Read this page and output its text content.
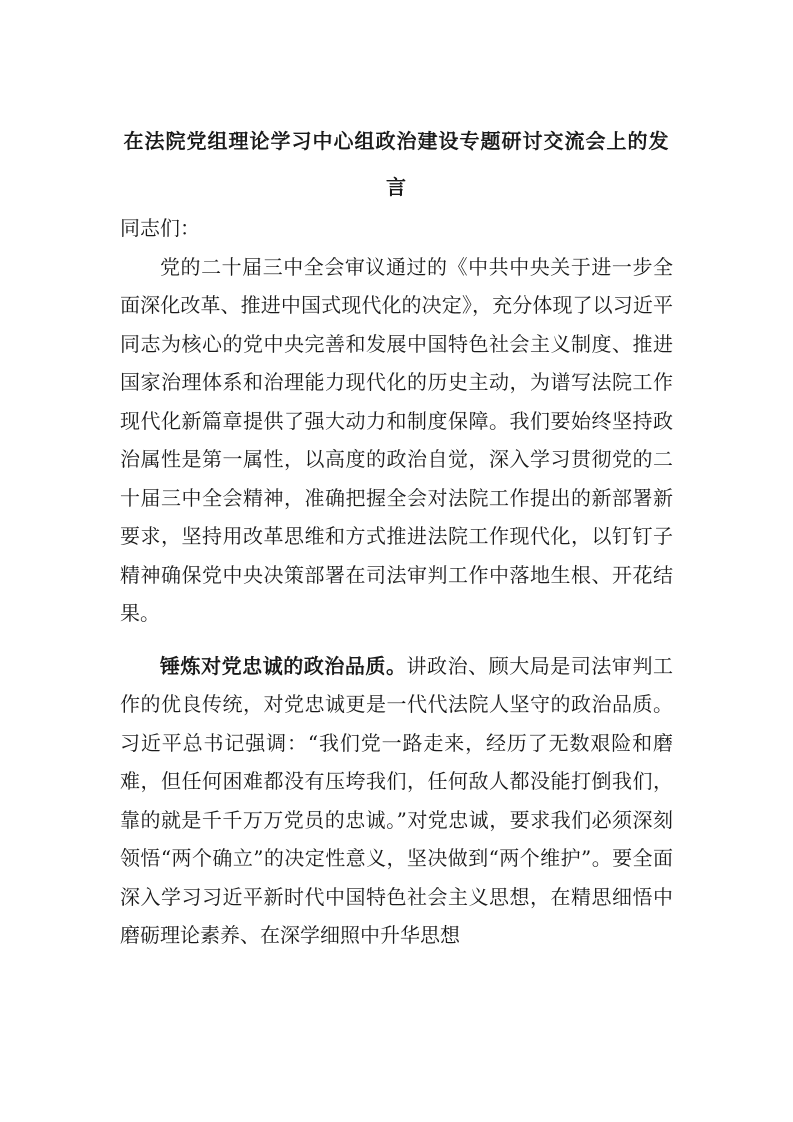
在法院党组理论学习中心组政治建设专题研讨交流会上的发言

同志们：

党的二十届三中全会审议通过的《中共中央关于进一步全面深化改革、推进中国式现代化的决定》，充分体现了以习近平同志为核心的党中央完善和发展中国特色社会主义制度、推进国家治理体系和治理能力现代化的历史主动，为谱写法院工作现代化新篇章提供了强大动力和制度保障。我们要始终坚持政治属性是第一属性，以高度的政治自觉，深入学习贯彻党的二十届三中全会精神，准确把握全会对法院工作提出的新部署新要求，坚持用改革思维和方式推进法院工作现代化，以钉钉子精神确保党中央决策部署在司法审判工作中落地生根、开花结果。

锤炼对党忠诚的政治品质。讲政治、顾大局是司法审判工作的优良传统，对党忠诚更是一代代法院人坚守的政治品质。习近平总书记强调：“我们党一路走来，经历了无数艰险和磨难，但任何困难都没有压垮我们，任何敌人都没能打倒我们，靠的就是千千万万党员的忠诚。”对党忠诚，要求我们必须深刻领悟“两个确立”的决定性意义，坚决做到“两个维护”。要全面深入学习习近平新时代中国特色社会主义思想，在精思细悟中磨砺理论素养、在深学细照中升华思想
